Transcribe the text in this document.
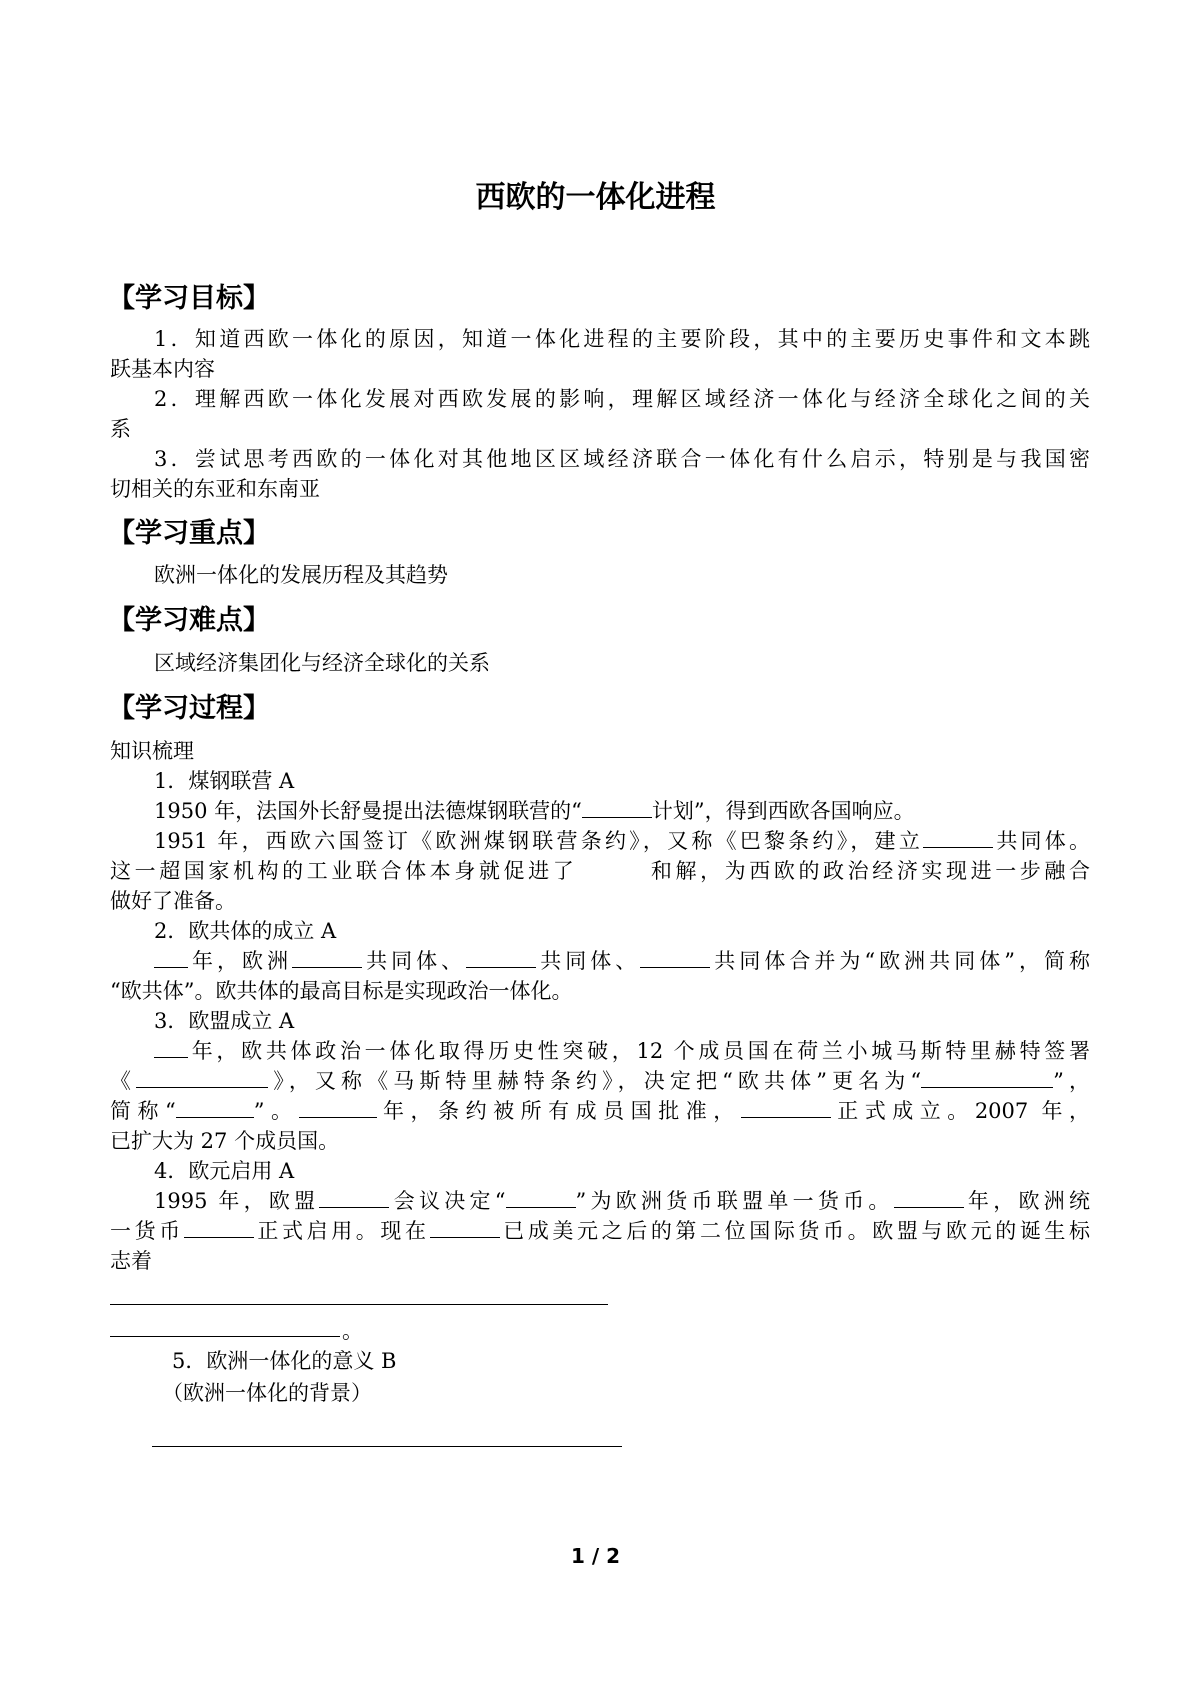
西欧的一体化进程
【学习目标】
1．知道西欧一体化的原因，知道一体化进程的主要阶段，其中的主要历史事件和文本跳
跃基本内容
2．理解西欧一体化发展对西欧发展的影响，理解区域经济一体化与经济全球化之间的关
系
3．尝试思考西欧的一体化对其他地区区域经济联合一体化有什么启示，特别是与我国密
切相关的东亚和东南亚
【学习重点】
欧洲一体化的发展历程及其趋势
【学习难点】
区域经济集团化与经济全球化的关系
【学习过程】
知识梳理
1．煤钢联营 A
1950 年，法国外长舒曼提出法德煤钢联营的“	计划”，得到西欧各国响应。
1951 年，西欧六国签订《欧洲煤钢联营条约》，又称《巴黎条约》，建立	共同体。
这一超国家机构的工业联合体本身就促进了	和解，为西欧的政治经济实现进一步融合
做好了准备。
2．欧共体的成立 A
年，欧洲	共同体、	共同体、	共同体合并为“欧洲共同体”，简称
“欧共体”。欧共体的最高目标是实现政治一体化。
3．欧盟成立 A
年，欧共体政治一体化取得历史性突破，12 个成员国在荷兰小城马斯特里赫特签署
《	》，又称《马斯特里赫特条约》，决定把“欧共体”更名为“	”，
简称“	”。	年，条约被所有成员国批准，	正式成立。2007 年，
已扩大为 27 个成员国。
4．欧元启用 A
1995 年，欧盟	会议决定“	”为欧洲货币联盟单一货币。	年，欧洲统
一货币	正式启用。现在	已成美元之后的第二位国际货币。欧盟与欧元的诞生标
志着
。
5．欧洲一体化的意义 B
（欧洲一体化的背景）
1 / 2
